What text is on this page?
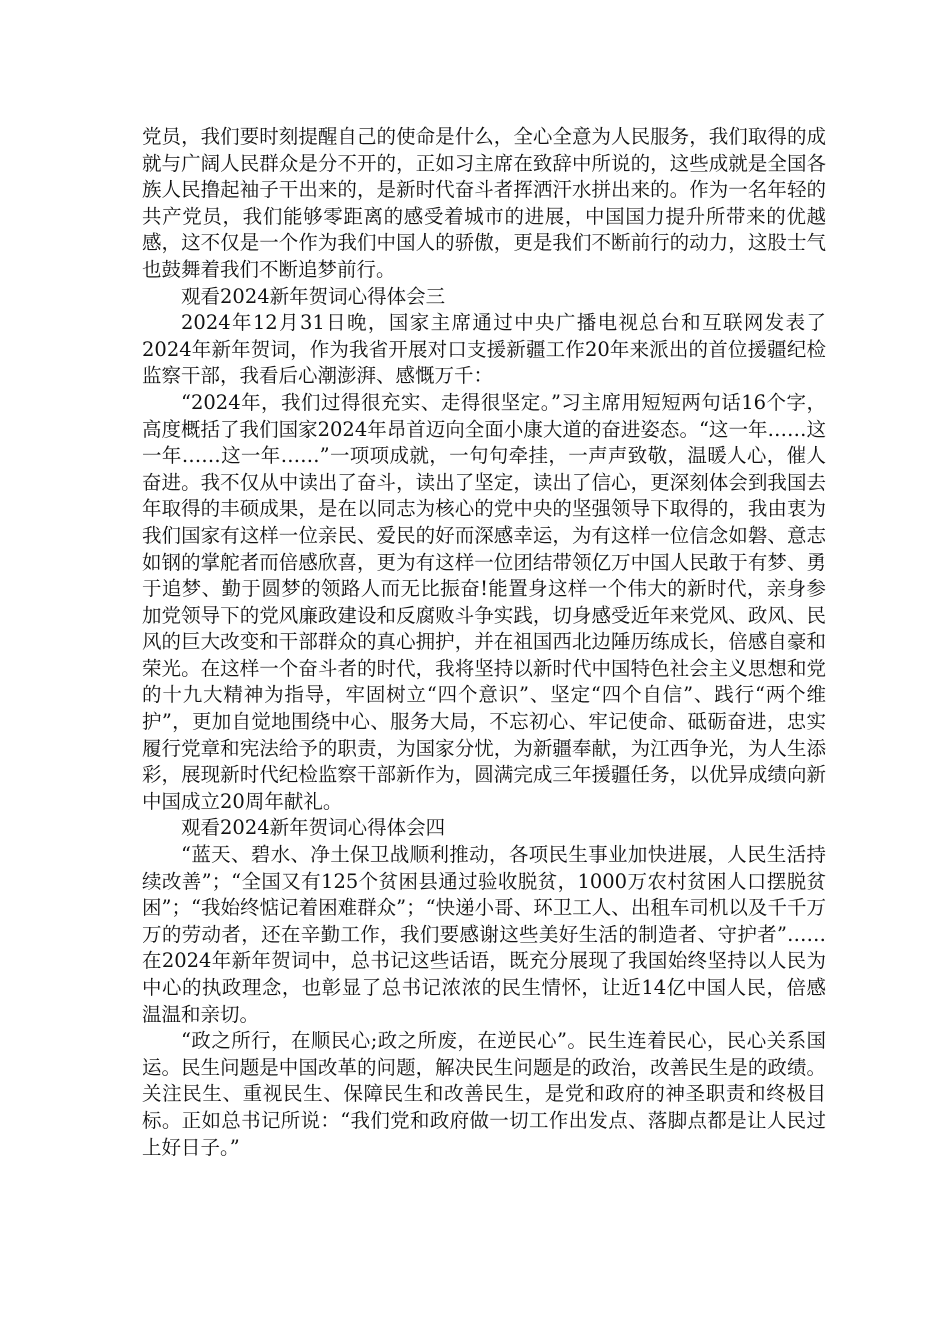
党员，我们要时刻提醒自己的使命是什么，全心全意为人民服务，我们取得的成就与广阔人民群众是分不开的，正如习主席在致辞中所说的，这些成就是全国各族人民撸起袖子干出来的，是新时代奋斗者挥洒汗水拼出来的。作为一名年轻的共产党员，我们能够零距离的感受着城市的进展，中国国力提升所带来的优越感，这不仅是一个作为我们中国人的骄傲，更是我们不断前行的动力，这股士气也鼓舞着我们不断追梦前行。

观看2024新年贺词心得体会三

2024年12月31日晚，国家主席通过中央广播电视总台和互联网发表了2024年新年贺词，作为我省开展对口支援新疆工作20年来派出的首位援疆纪检监察干部，我看后心潮澎湃、感慨万千：

“2024年，我们过得很充实、走得很坚定。”习主席用短短两句话16个字，高度概括了我们国家2024年昂首迈向全面小康大道的奋进姿态。“这一年……这一年……这一年……”一项项成就，一句句牵挂，一声声致敬，温暖人心，催人奋进。我不仅从中读出了奋斗，读出了坚定，读出了信心，更深刻体会到我国去年取得的丰硕成果，是在以同志为核心的党中央的坚强领导下取得的，我由衷为我们国家有这样一位亲民、爱民的好而深感幸运，为有这样一位信念如磐、意志如钢的掌舵者而倍感欣喜，更为有这样一位团结带领亿万中国人民敢于有梦、勇于追梦、勤于圆梦的领路人而无比振奋!能置身这样一个伟大的新时代，亲身参加党领导下的党风廉政建设和反腐败斗争实践，切身感受近年来党风、政风、民风的巨大改变和干部群众的真心拥护，并在祖国西北边陲历练成长，倍感自豪和荣光。在这样一个奋斗者的时代，我将坚持以新时代中国特色社会主义思想和党的十九大精神为指导，牢固树立“四个意识”、坚定“四个自信”、践行“两个维护”，更加自觉地围绕中心、服务大局，不忘初心、牢记使命、砥砺奋进，忠实履行党章和宪法给予的职责，为国家分忧，为新疆奉献，为江西争光，为人生添彩，展现新时代纪检监察干部新作为，圆满完成三年援疆任务，以优异成绩向新中国成立20周年献礼。

观看2024新年贺词心得体会四

“蓝天、碧水、净土保卫战顺利推动，各项民生事业加快进展，人民生活持续改善”；“全国又有125个贫困县通过验收脱贫，1000万农村贫困人口摆脱贫困”；“我始终惦记着困难群众”；“快递小哥、环卫工人、出租车司机以及千千万万的劳动者，还在辛勤工作，我们要感谢这些美好生活的制造者、守护者”……在2024年新年贺词中，总书记这些话语，既充分展现了我国始终坚持以人民为中心的执政理念，也彰显了总书记浓浓的民生情怀，让近14亿中国人民，倍感温温和亲切。

“政之所行，在顺民心;政之所废，在逆民心”。民生连着民心，民心关系国运。民生问题是中国改革的问题，解决民生问题是的政治，改善民生是的政绩。关注民生、重视民生、保障民生和改善民生，是党和政府的神圣职责和终极目标。正如总书记所说：“我们党和政府做一切工作出发点、落脚点都是让人民过上好日子。”
